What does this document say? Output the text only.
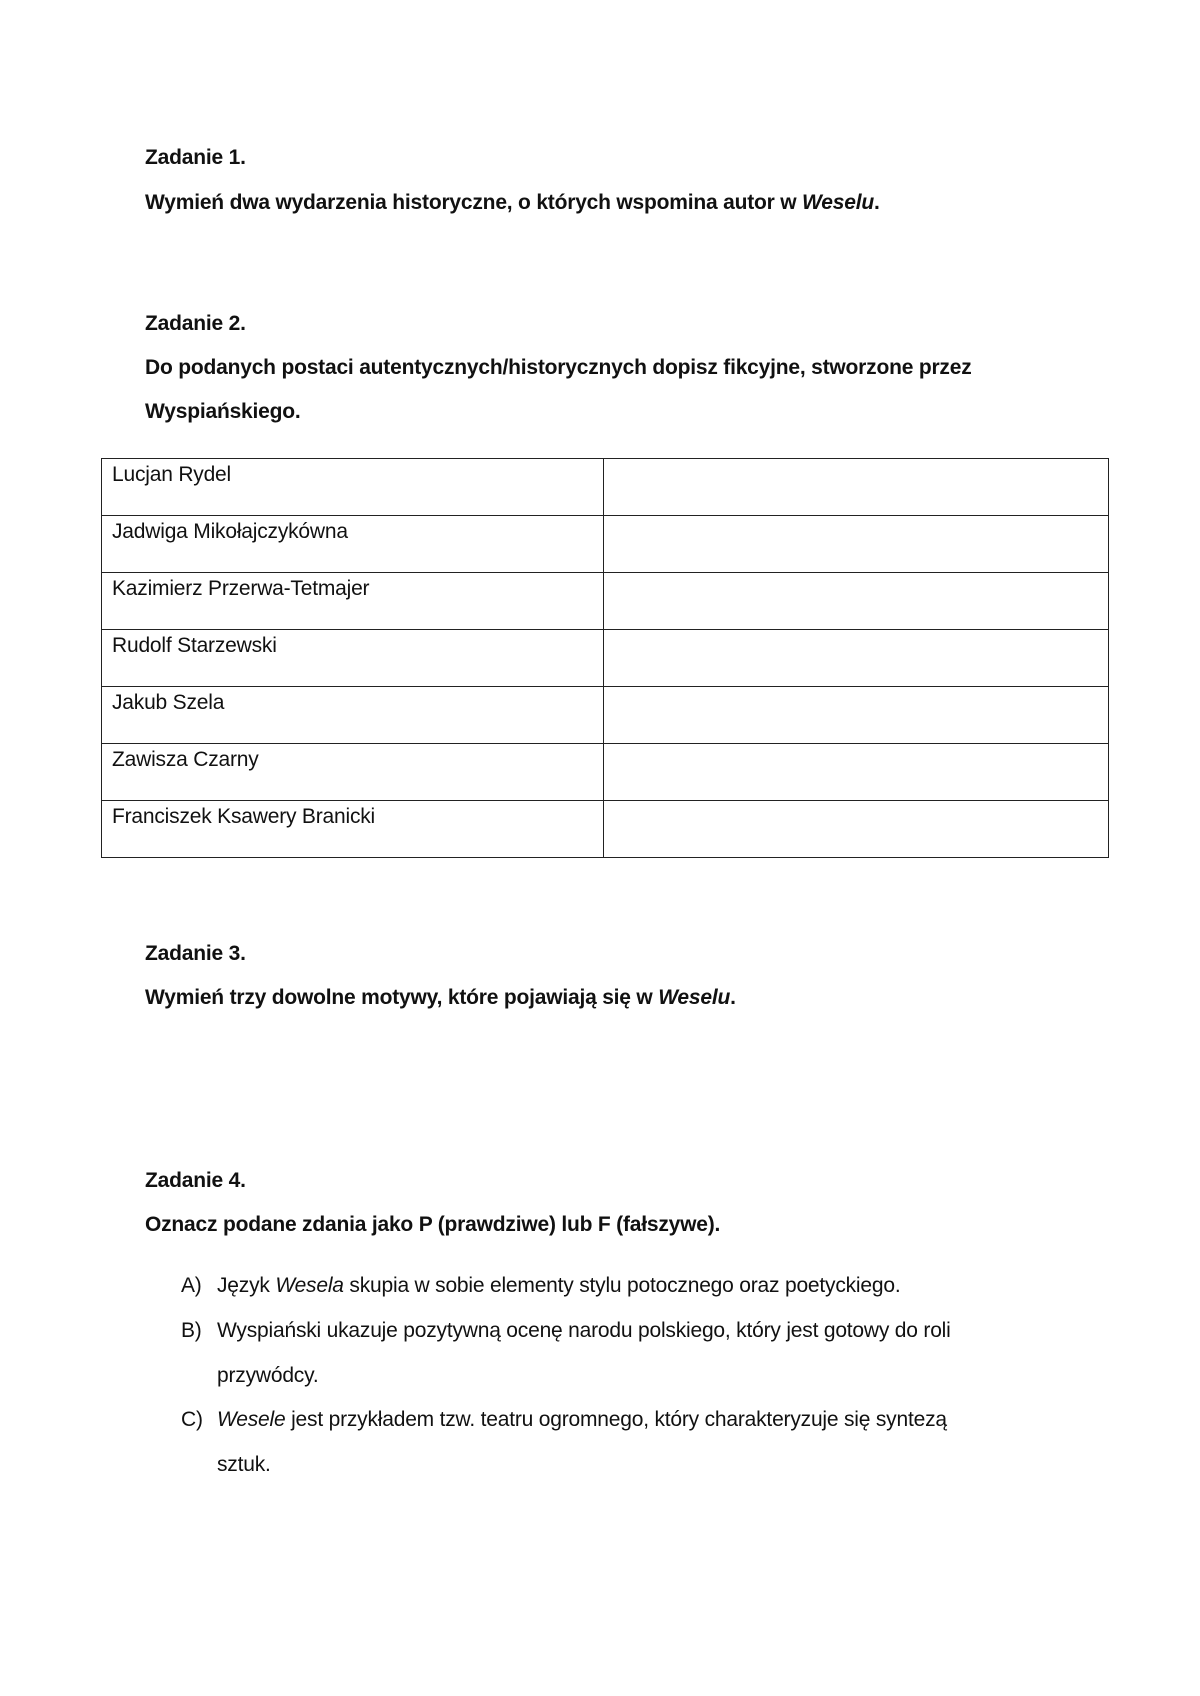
Zadanie 1.
Wymień dwa wydarzenia historyczne, o których wspomina autor w Weselu.
Zadanie 2.
Do podanych postaci autentycznych/historycznych dopisz fikcyjne, stworzone przez
Wyspiańskiego.
Lucjan Rydel	
Jadwiga Mikołajczykówna	
Kazimierz Przerwa-Tetmajer	
Rudolf Starzewski	
Jakub Szela	
Zawisza Czarny	
Franciszek Ksawery Branicki	
Zadanie 3.
Wymień trzy dowolne motywy, które pojawiają się w Weselu.
Zadanie 4.
Oznacz podane zdania jako P (prawdziwe) lub F (fałszywe).
A) Język Wesela skupia w sobie elementy stylu potocznego oraz poetyckiego.
B) Wyspiański ukazuje pozytywną ocenę narodu polskiego, który jest gotowy do roli
przywódcy.
C) Wesele jest przykładem tzw. teatru ogromnego, który charakteryzuje się syntezą
sztuk.
